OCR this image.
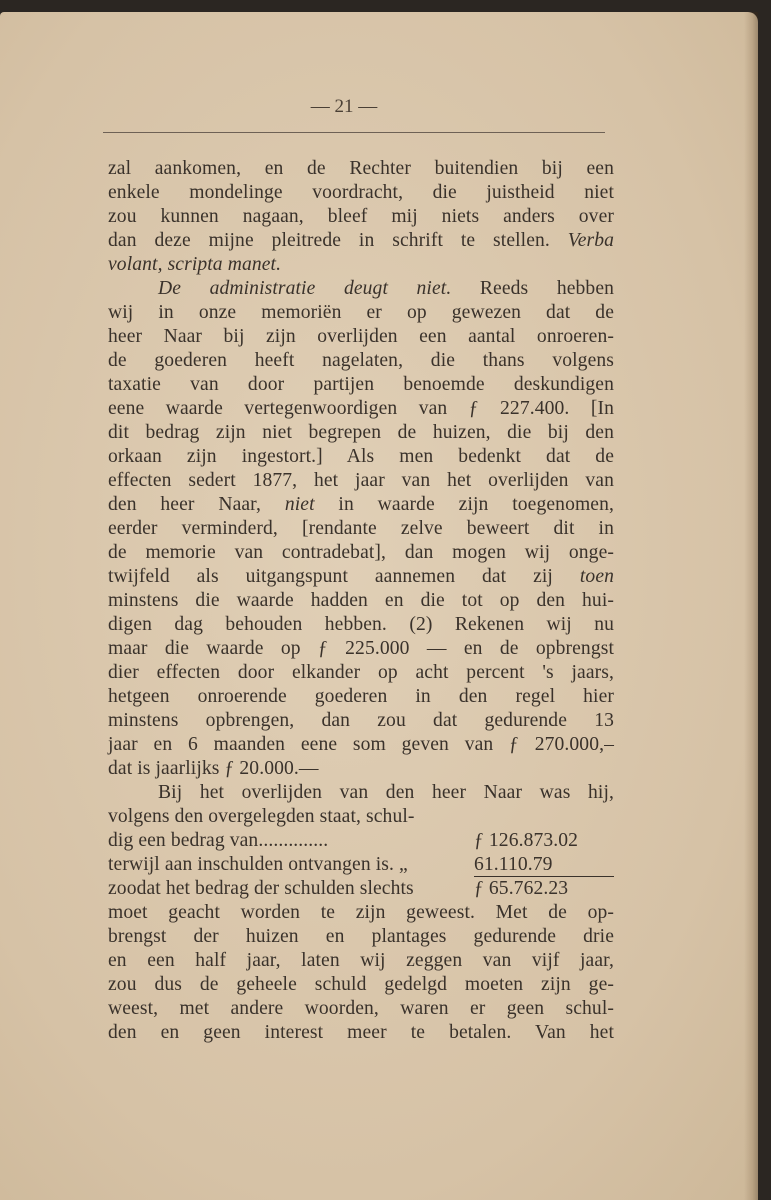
— 21 —
zal aankomen, en de Rechter buitendien bij een
enkele mondelinge voordracht, die juistheid niet
zou kunnen nagaan, bleef mij niets anders over
dan deze mijne pleitrede in schrift te stellen. Verba
volant, scripta manet.
De administratie deugt niet. Reeds hebben
wij in onze memoriën er op gewezen dat de
heer Naar bij zijn overlijden een aantal onroeren-
de goederen heeft nagelaten, die thans volgens
taxatie van door partijen benoemde deskundigen
eene waarde vertegenwoordigen van ƒ 227.400. [In
dit bedrag zijn niet begrepen de huizen, die bij den
orkaan zijn ingestort.] Als men bedenkt dat de
effecten sedert 1877, het jaar van het overlijden van
den heer Naar, niet in waarde zijn toegenomen,
eerder verminderd, [rendante zelve beweert dit in
de memorie van contradebat], dan mogen wij onge-
twijfeld als uitgangspunt aannemen dat zij toen
minstens die waarde hadden en die tot op den hui-
digen dag behouden hebben. (2) Rekenen wij nu
maar die waarde op ƒ 225.000 — en de opbrengst
dier effecten door elkander op acht percent 's jaars,
hetgeen onroerende goederen in den regel hier
minstens opbrengen, dan zou dat gedurende 13
jaar en 6 maanden eene som geven van ƒ 270.000,–
dat is jaarlijks ƒ 20.000.—
Bij het overlijden van den heer Naar was hij,
volgens den overgelegden staat, schul-
dig een bedrag van..............	ƒ 126.873.02
terwijl aan inschulden ontvangen is. „	61.110.79
zoodat het bedrag der schulden slechts	ƒ 65.762.23
moet geacht worden te zijn geweest. Met de op-
brengst der huizen en plantages gedurende drie
en een half jaar, laten wij zeggen van vijf jaar,
zou dus de geheele schuld gedelgd moeten zijn ge-
weest, met andere woorden, waren er geen schul-
den en geen interest meer te betalen. Van het
